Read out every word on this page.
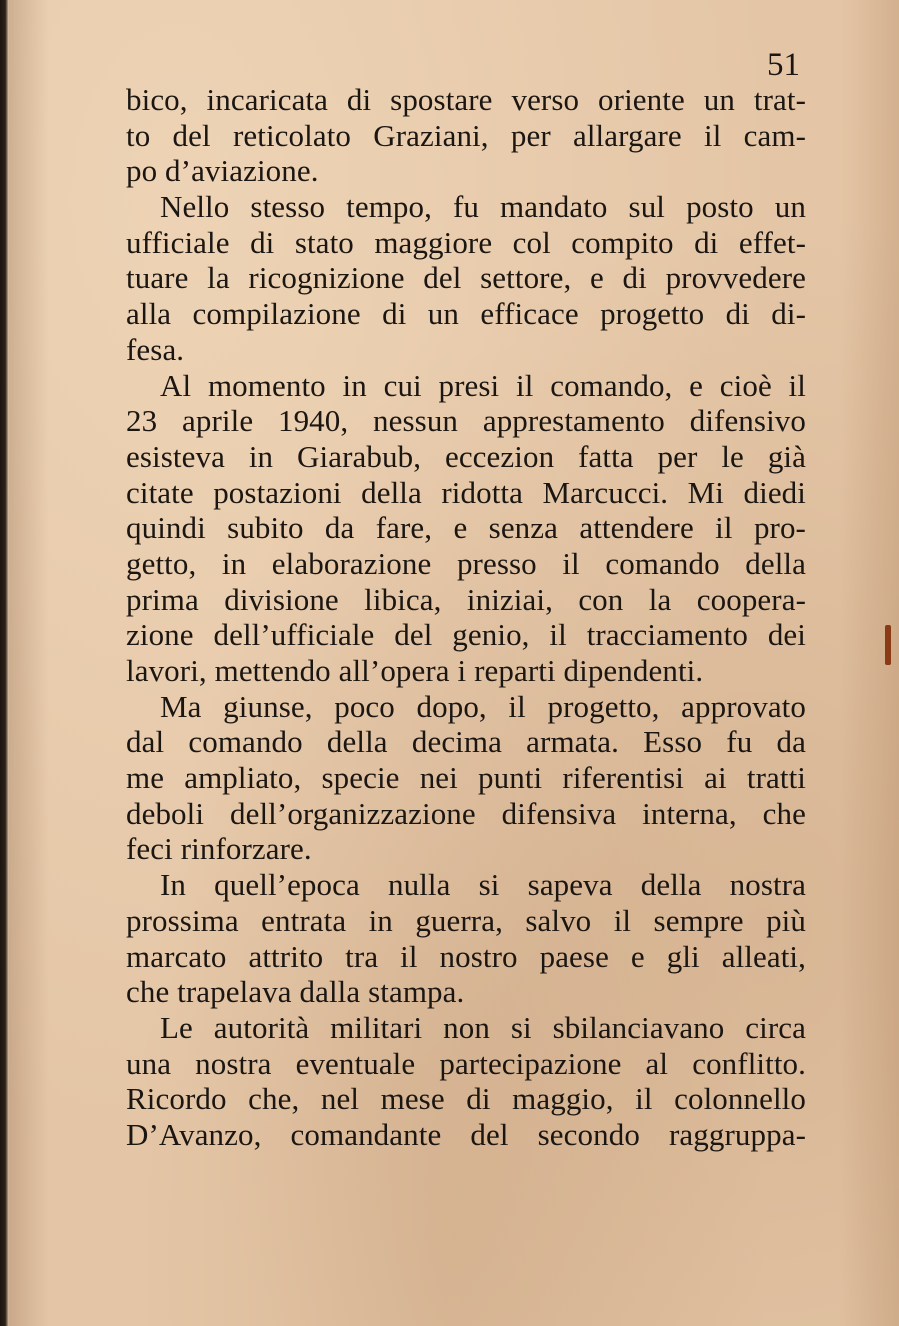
51
bico, incaricata di spostare verso oriente un trat-
to del reticolato Graziani, per allargare il cam-
po d’aviazione.
Nello stesso tempo, fu mandato sul posto un
ufficiale di stato maggiore col compito di effet-
tuare la ricognizione del settore, e di provvedere
alla compilazione di un efficace progetto di di-
fesa.
Al momento in cui presi il comando, e cioè il
23 aprile 1940, nessun apprestamento difensivo
esisteva in Giarabub, eccezion fatta per le già
citate postazioni della ridotta Marcucci. Mi diedi
quindi subito da fare, e senza attendere il pro-
getto, in elaborazione presso il comando della
prima divisione libica, iniziai, con la coopera-
zione dell’ufficiale del genio, il tracciamento dei
lavori, mettendo all’opera i reparti dipendenti.
Ma giunse, poco dopo, il progetto, approvato
dal comando della decima armata. Esso fu da
me ampliato, specie nei punti riferentisi ai tratti
deboli dell’organizzazione difensiva interna, che
feci rinforzare.
In quell’epoca nulla si sapeva della nostra
prossima entrata in guerra, salvo il sempre più
marcato attrito tra il nostro paese e gli alleati,
che trapelava dalla stampa.
Le autorità militari non si sbilanciavano circa
una nostra eventuale partecipazione al conflitto.
Ricordo che, nel mese di maggio, il colonnello
D’Avanzo, comandante del secondo raggruppa-
